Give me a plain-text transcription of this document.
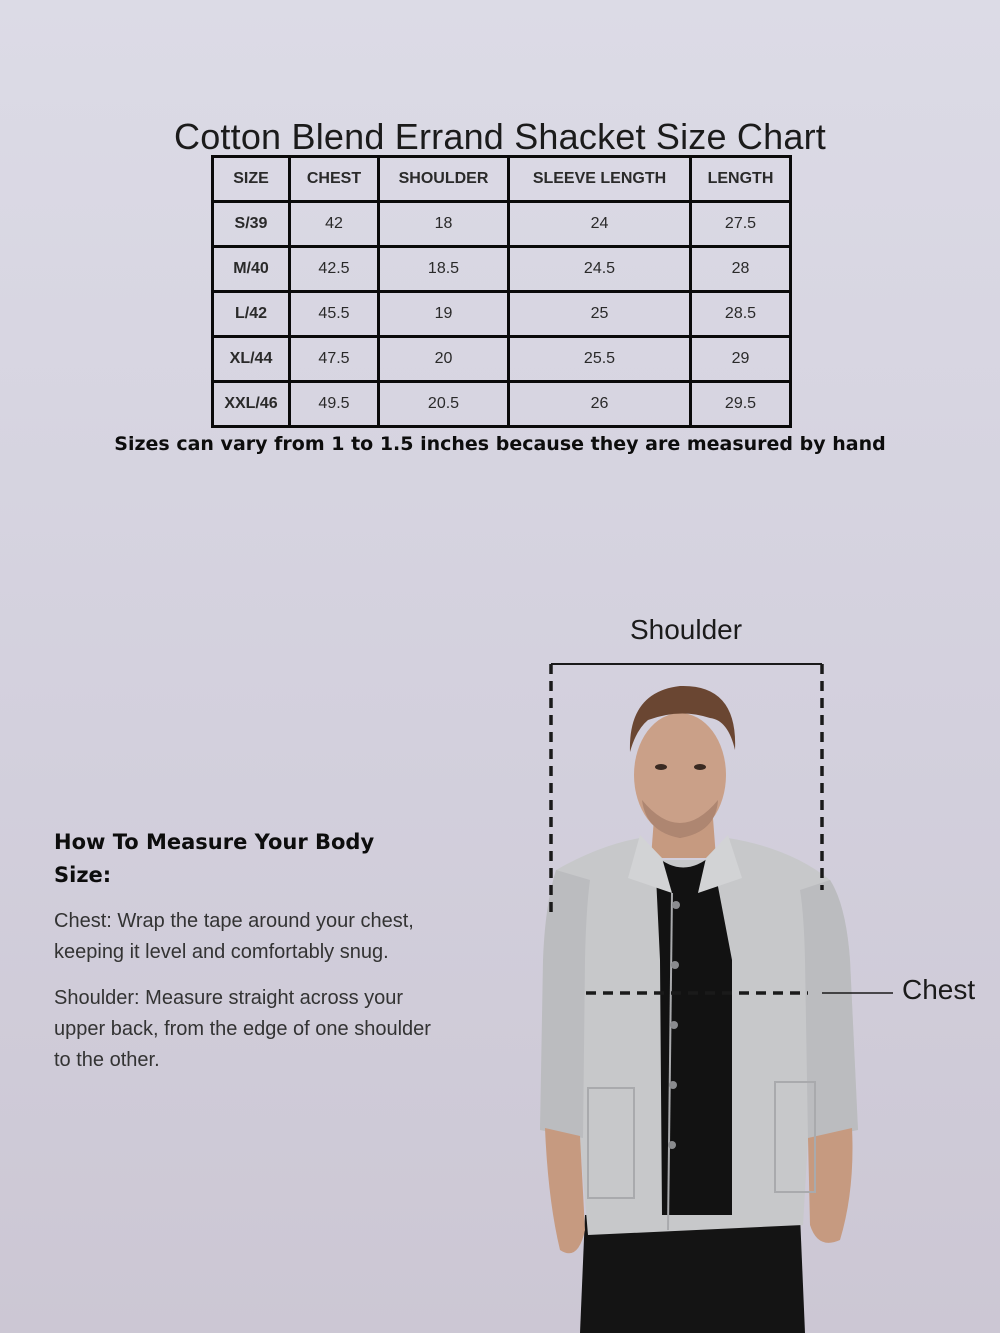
Cotton Blend Errand Shacket Size Chart
SIZE	CHEST	SHOULDER	SLEEVE LENGTH	LENGTH
S/39	42	18	24	27.5
M/40	42.5	18.5	24.5	28
L/42	45.5	19	25	28.5
XL/44	47.5	20	25.5	29
XXL/46	49.5	20.5	26	29.5
Sizes can vary from 1 to 1.5 inches because they are measured by hand
How To Measure Your Body Size:
Chest: Wrap the tape around your chest, keeping it level and comfortably snug.
Shoulder: Measure straight across your upper back, from the edge of one shoulder to the other.
Shoulder
Chest
